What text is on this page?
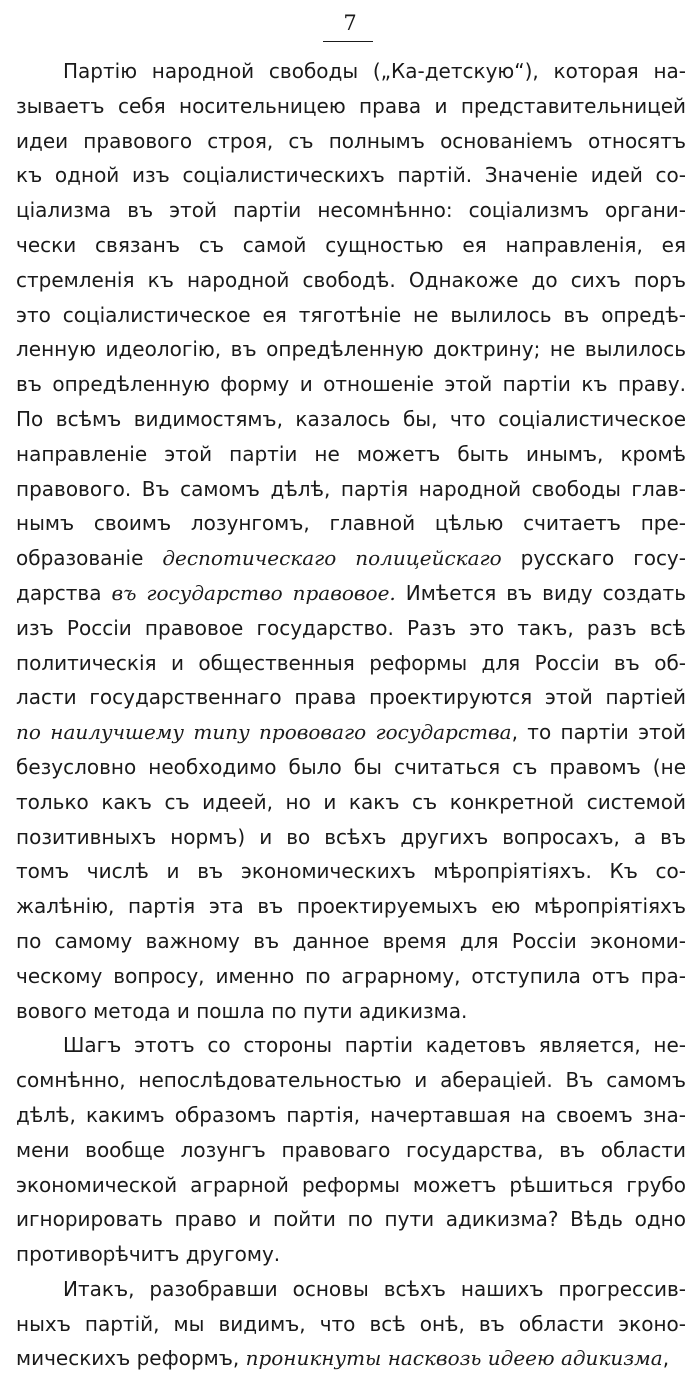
7
Партію народной свободы („Ка-детскую“), которая на-
зываетъ себя носительницею права и представительницей
идеи правового строя, съ полнымъ основаніемъ относятъ
къ одной изъ соціалистическихъ партій. Значеніе идей со-
ціализма въ этой партіи несомнѣнно: соціализмъ органи-
чески связанъ съ самой сущностью ея направленія, ея
стремленія къ народной свободѣ. Однакоже до сихъ поръ
это соціалистическое ея тяготѣніе не вылилось въ опредѣ-
ленную идеологію, въ опредѣленную доктрину; не вылилось
въ опредѣленную форму и отношеніе этой партіи къ праву.
По всѣмъ видимостямъ, казалось бы, что соціалистическое
направленіе этой партіи не можетъ быть инымъ, кромѣ
правового. Въ самомъ дѣлѣ, партія народной свободы глав-
нымъ своимъ лозунгомъ, главной цѣлью считаетъ пре-
образованіе деспотическаго полицейскаго русскаго госу-
дарства въ государство правовое. Имѣется въ виду создать
изъ Россіи правовое государство. Разъ это такъ, разъ всѣ
политическія и общественныя реформы для Россіи въ об-
ласти государственнаго права проектируются этой партіей
по наилучшему типу прововаго государства, то партіи этой
безусловно необходимо было бы считаться съ правомъ (не
только какъ съ идеей, но и какъ съ конкретной системой
позитивныхъ нормъ) и во всѣхъ другихъ вопросахъ, а въ
томъ числѣ и въ экономическихъ мѣропріятіяхъ. Къ со-
жалѣнію, партія эта въ проектируемыхъ ею мѣропріятіяхъ
по самому важному въ данное время для Россіи экономи-
ческому вопросу, именно по аграрному, отступила отъ пра-
вового метода и пошла по пути адикизма.
Шагъ этотъ со стороны партіи кадетовъ является, не-
сомнѣнно, непослѣдовательностью и аберацiей. Въ самомъ
дѣлѣ, какимъ образомъ партія, начертавшая на своемъ зна-
мени вообще лозунгъ правоваго государства, въ области
экономической аграрной реформы можетъ рѣшиться грубо
игнорировать право и пойти по пути адикизма? Вѣдь одно
противорѣчитъ другому.
Итакъ, разобравши основы всѣхъ нашихъ прогрессив-
ныхъ партій, мы видимъ, что всѣ онѣ, въ области эконо-
мическихъ реформъ, проникнуты насквозь идеею адикизма,
